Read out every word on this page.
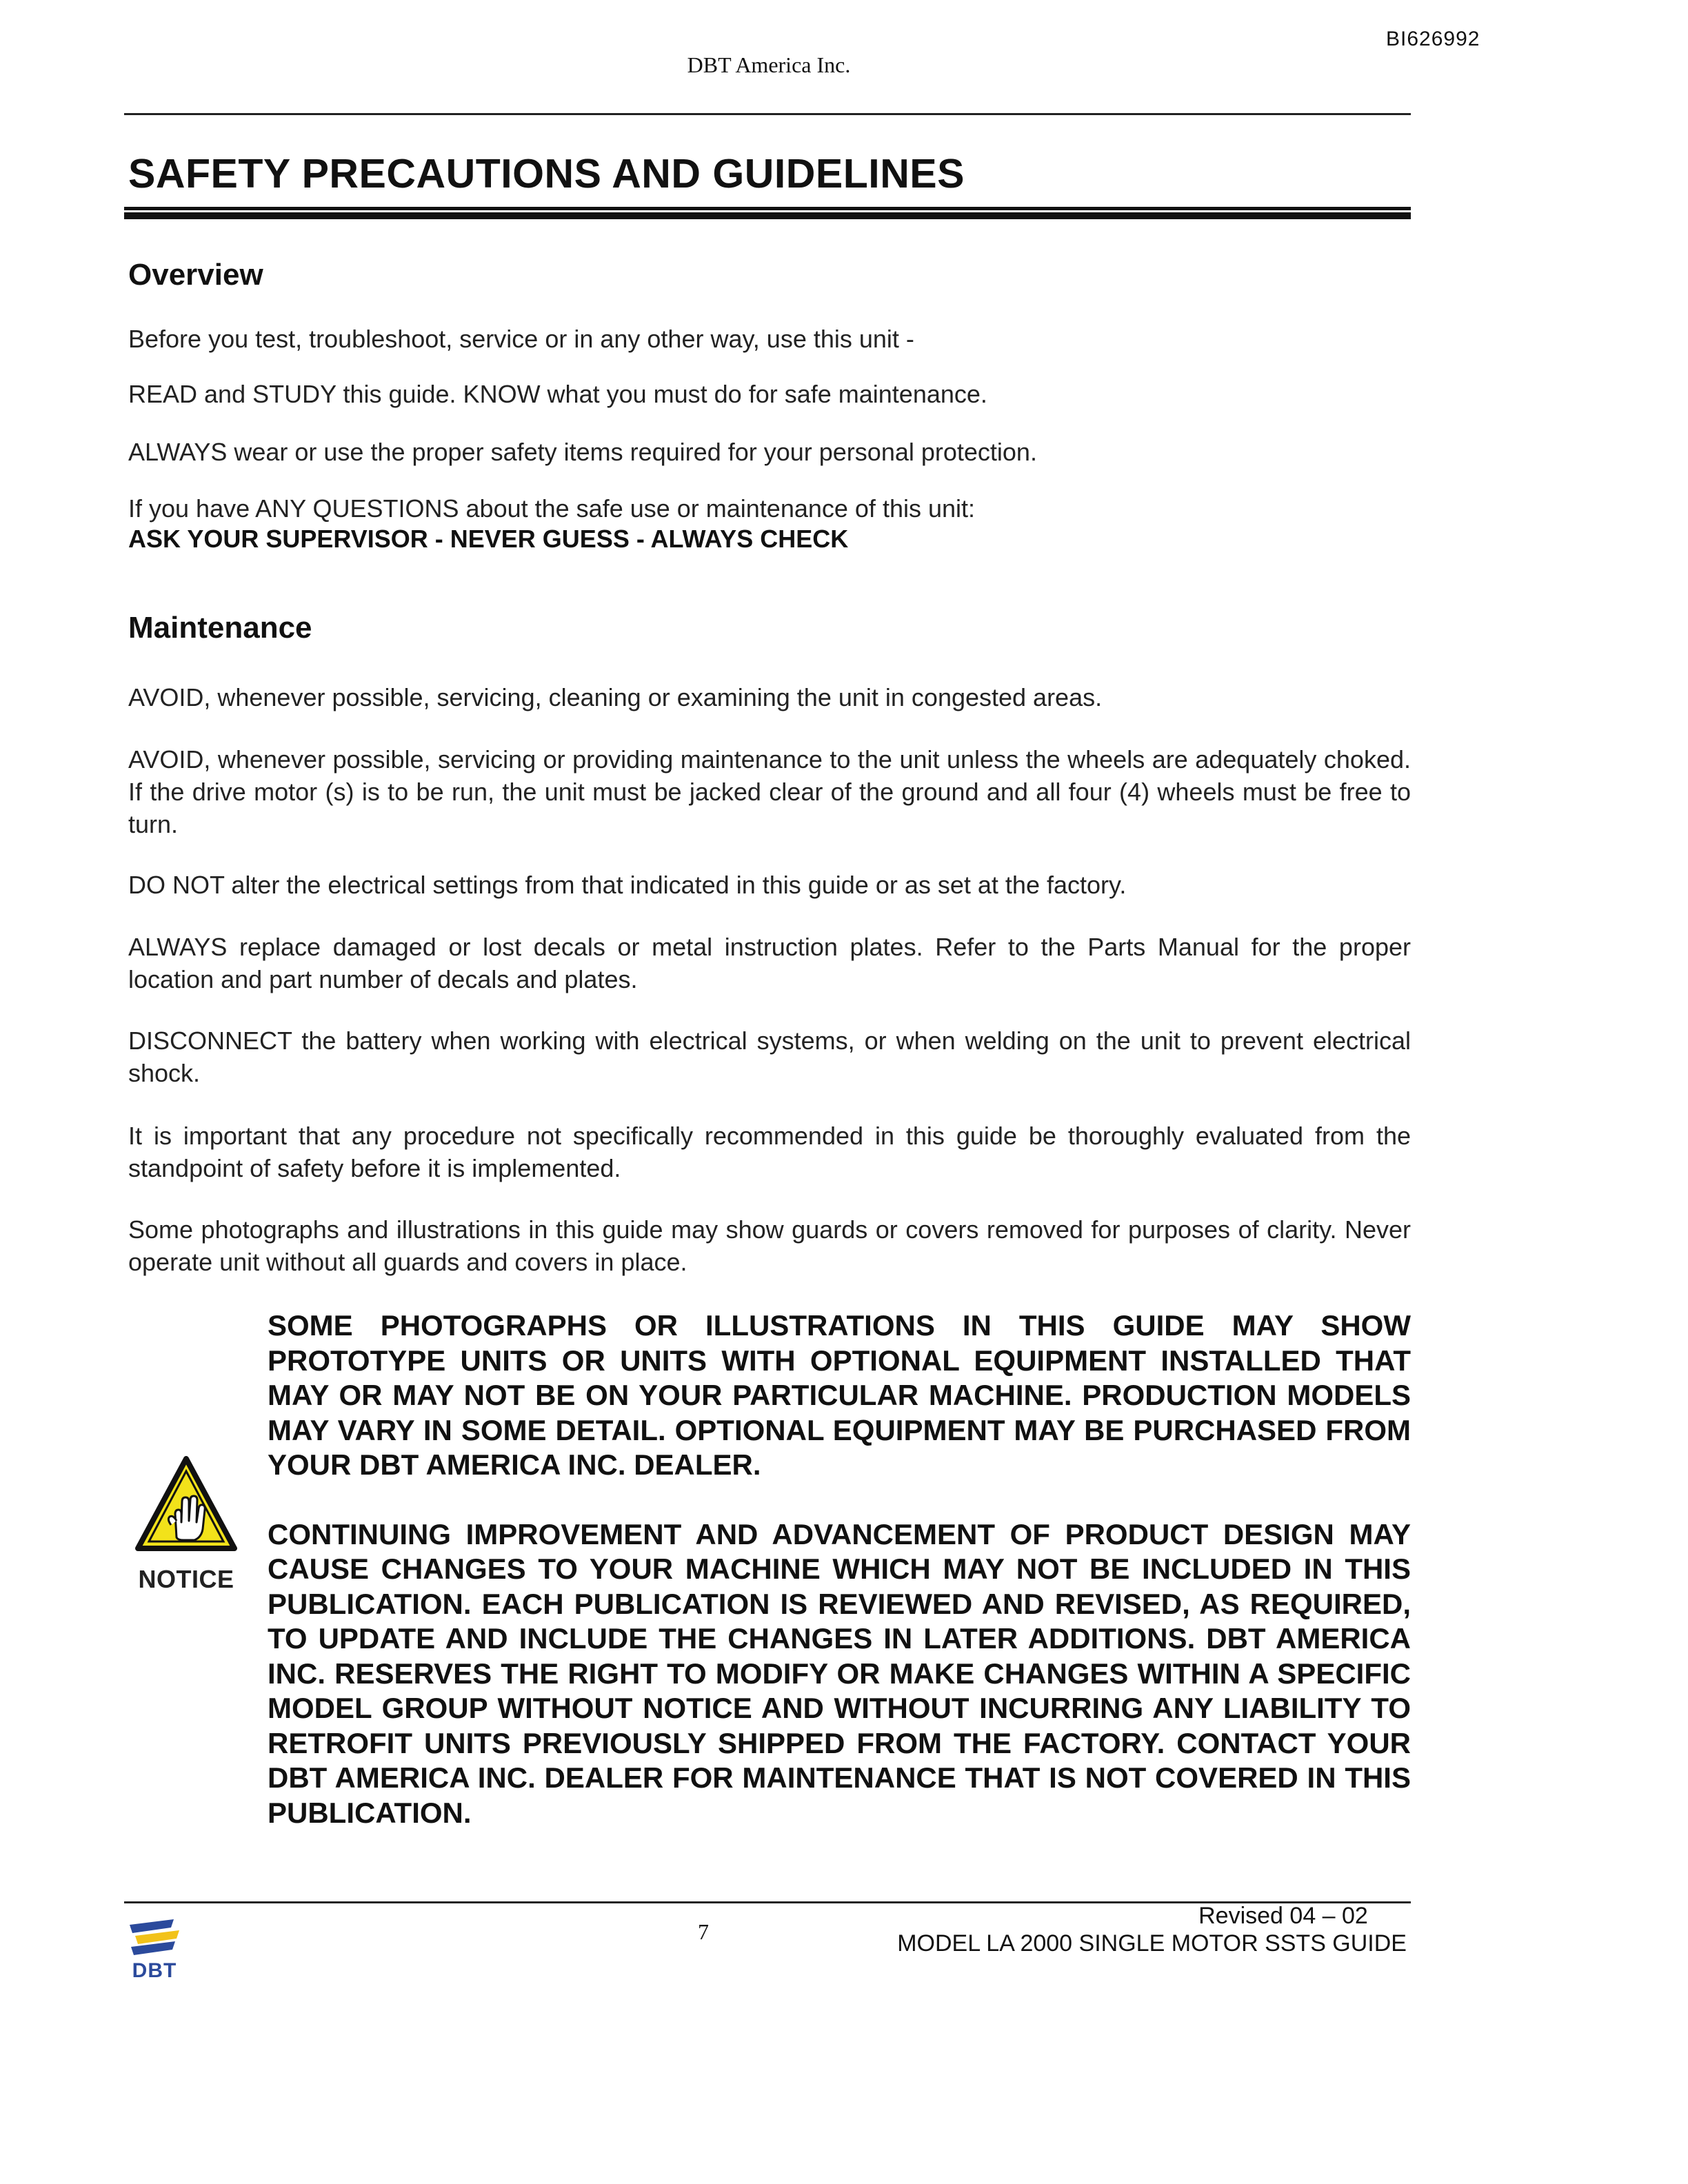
BI626992
DBT America Inc.
SAFETY PRECAUTIONS AND GUIDELINES
Overview
Before you test, troubleshoot, service or in any other way, use this unit -
READ and STUDY this guide. KNOW what you must do for safe maintenance.
ALWAYS wear or use the proper safety items required for your personal protection.
If you have ANY QUESTIONS about the safe use or maintenance of this unit:
ASK YOUR SUPERVISOR - NEVER GUESS - ALWAYS CHECK
Maintenance
AVOID, whenever possible, servicing, cleaning or examining the unit in congested areas.
AVOID, whenever possible, servicing or providing maintenance to the unit unless the wheels are adequately choked. If the drive motor (s) is to be run, the unit must be jacked clear of the ground and all four (4) wheels must be free to turn.
DO NOT alter the electrical settings from that indicated in this guide or as set at the factory.
ALWAYS replace damaged or lost decals or metal instruction plates. Refer to the Parts Manual for the proper location and part number of decals and plates.
DISCONNECT the battery when working with electrical systems, or when welding on the unit to prevent electrical shock.
It is important that any procedure not specifically recommended in this guide be thoroughly evaluated from the standpoint of safety before it is implemented.
Some photographs and illustrations in this guide may show guards or covers removed for purposes of clarity. Never operate unit without all guards and covers in place.

SOME PHOTOGRAPHS OR ILLUSTRATIONS IN THIS GUIDE MAY SHOW PROTOTYPE UNITS OR UNITS WITH OPTIONAL EQUIPMENT INSTALLED THAT MAY OR MAY NOT BE ON YOUR PARTICULAR MACHINE. PRODUCTION MODELS MAY VARY IN SOME DETAIL. OPTIONAL EQUIPMENT MAY BE PURCHASED FROM YOUR DBT AMERICA INC. DEALER.

CONTINUING IMPROVEMENT AND ADVANCEMENT OF PRODUCT DESIGN MAY CAUSE CHANGES TO YOUR MACHINE WHICH MAY NOT BE INCLUDED IN THIS PUBLICATION. EACH PUBLICATION IS REVIEWED AND REVISED, AS REQUIRED, TO UPDATE AND INCLUDE THE CHANGES IN LATER ADDITIONS. DBT AMERICA INC. RESERVES THE RIGHT TO MODIFY OR MAKE CHANGES WITHIN A SPECIFIC MODEL GROUP WITHOUT NOTICE AND WITHOUT INCURRING ANY LIABILITY TO RETROFIT UNITS PREVIOUSLY SHIPPED FROM THE FACTORY. CONTACT YOUR DBT AMERICA INC. DEALER FOR MAINTENANCE THAT IS NOT COVERED IN THIS PUBLICATION.

NOTICE
DBT
7
Revised 04 – 02
MODEL LA 2000 SINGLE MOTOR SSTS GUIDE
